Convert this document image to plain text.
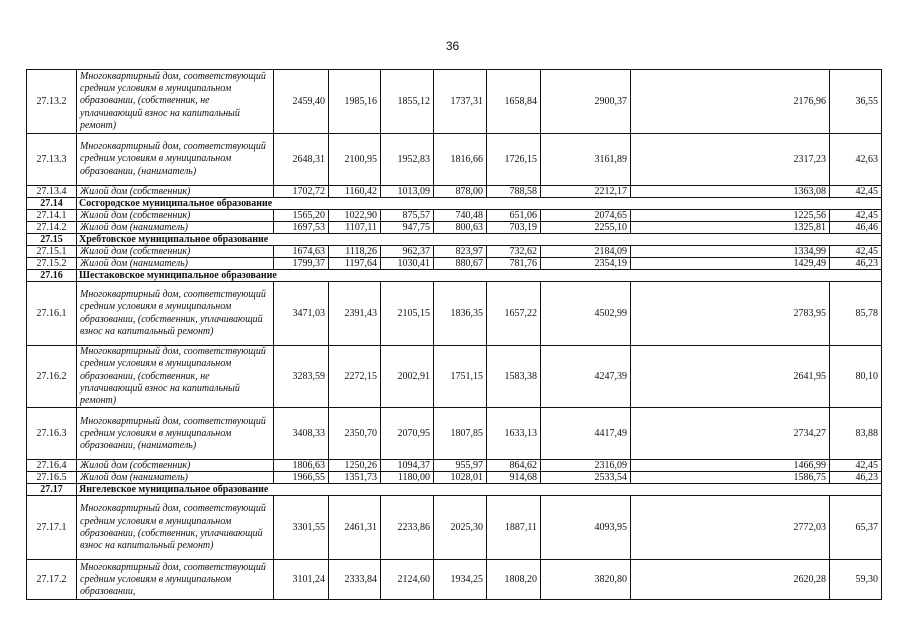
36
27.13.2	Многоквартирный дом, соответствующий средним условиям в муниципальном образовании, (собственник, не уплачивающий взнос на капитальный ремонт)	2459,40	1985,16	1855,12	1737,31	1658,84	2900,37	2176,96	36,55
27.13.3	Многоквартирный дом, соответствующий средним условиям в муниципальном образовании, (наниматель)	2648,31	2100,95	1952,83	1816,66	1726,15	3161,89	2317,23	42,63
27.13.4	Жилой дом (собственник)	1702,72	1160,42	1013,09	878,00	788,58	2212,17	1363,08	42,45
27.14	Сосгородское муниципальное образование								
27.14.1	Жилой дом (собственник)	1565,20	1022,90	875,57	740,48	651,06	2074,65	1225,56	42,45
27.14.2	Жилой дом (наниматель)	1697,53	1107,11	947,75	800,63	703,19	2255,10	1325,81	46,46
27.15	Хребтовское муниципальное образование								
27.15.1	Жилой дом (собственник)	1674,63	1118,26	962,37	823,97	732,62	2184,09	1334,99	42,45
27.15.2	Жилой дом (наниматель)	1799,37	1197,64	1030,41	880,67	781,76	2354,19	1429,49	46,23
27.16	Шестаковское муниципальное образование								
27.16.1	Многоквартирный дом, соответствующий средним условиям в муниципальном образовании, (собственник, уплачивающий взнос на капитальный ремонт)	3471,03	2391,43	2105,15	1836,35	1657,22	4502,99	2783,95	85,78
27.16.2	Многоквартирный дом, соответствующий средним условиям в муниципальном образовании, (собственник, не уплачивающий взнос на капитальный ремонт)	3283,59	2272,15	2002,91	1751,15	1583,38	4247,39	2641,95	80,10
27.16.3	Многоквартирный дом, соответствующий средним условиям в муниципальном образовании, (наниматель)	3408,33	2350,70	2070,95	1807,85	1633,13	4417,49	2734,27	83,88
27.16.4	Жилой дом (собственник)	1806,63	1250,26	1094,37	955,97	864,62	2316,09	1466,99	42,45
27.16.5	Жилой дом (наниматель)	1966,55	1351,73	1180,00	1028,01	914,68	2533,54	1586,75	46,23
27.17	Янгелевское муниципальное образование								
27.17.1	Многоквартирный дом, соответствующий средним условиям в муниципальном образовании, (собственник, уплачивающий взнос на капитальный ремонт)	3301,55	2461,31	2233,86	2025,30	1887,11	4093,95	2772,03	65,37
27.17.2	Многоквартирный дом, соответствующий средним условиям в муниципальном образовании,	3101,24	2333,84	2124,60	1934,25	1808,20	3820,80	2620,28	59,30
